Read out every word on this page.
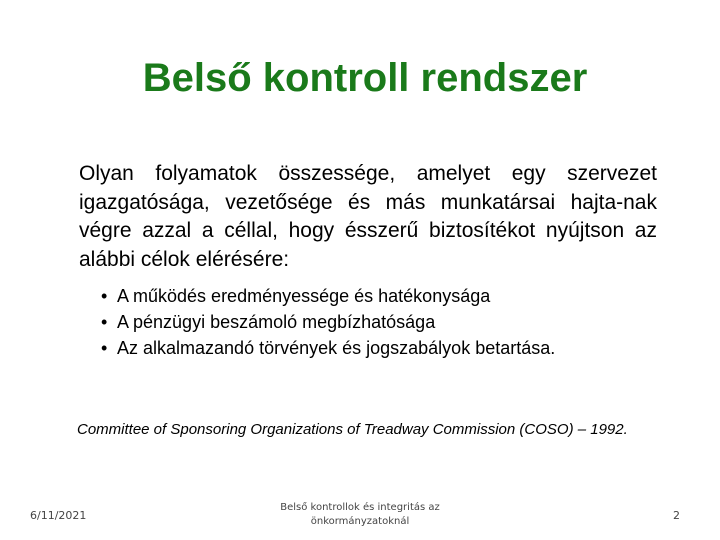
Belső kontroll rendszer

Olyan folyamatok összessége, amelyet egy szervezet igazgatósága, vezetősége és más munkatársai hajta-nak végre azzal a céllal, hogy ésszerű biztosítékot nyújtson az alábbi célok elérésére:

• A működés eredményessége és hatékonysága
• A pénzügyi beszámoló megbízhatósága
• Az alkalmazandó törvények és jogszabályok betartása.

Committee of Sponsoring Organizations of Treadway Commission (COSO) – 1992.

6/11/2021
Belső kontrollok és integritás az
önkormányzatoknál	2
